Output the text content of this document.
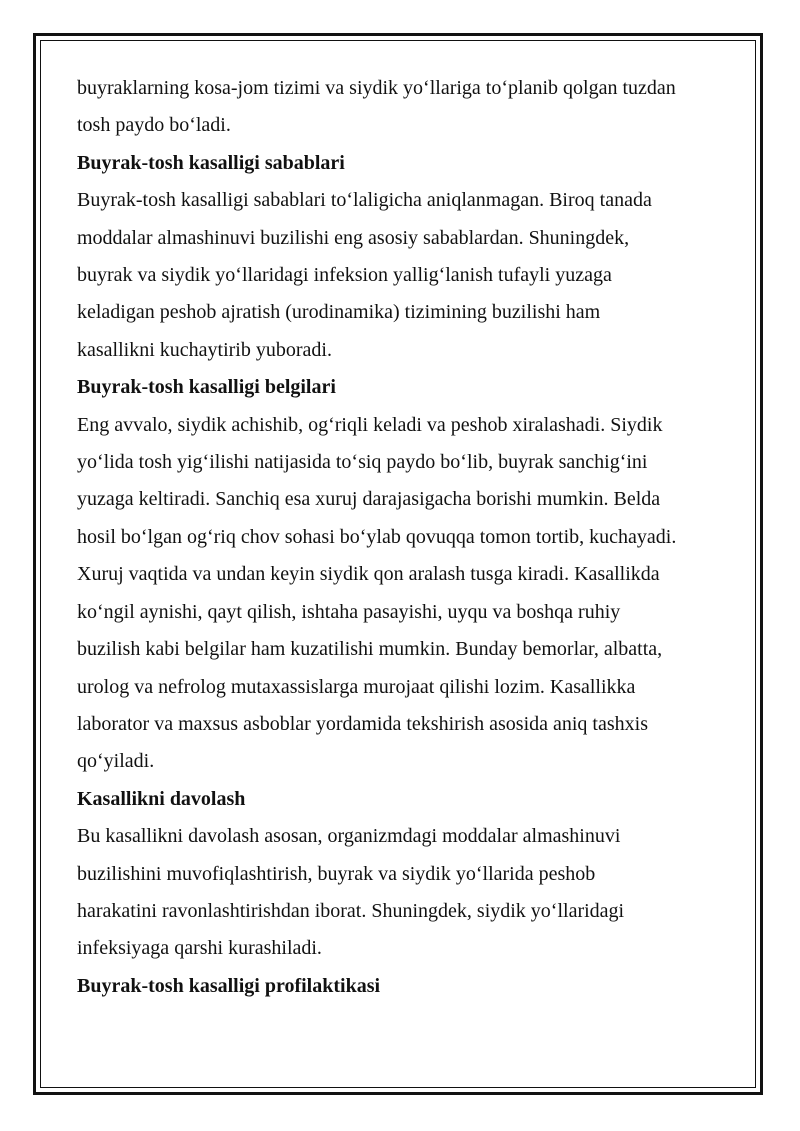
buyraklarning kosa-jom tizimi va siydik yo‘llariga to‘planib qolgan tuzdan

tosh paydo bo‘ladi.

Buyrak-tosh kasalligi sabablari

Buyrak-tosh kasalligi sabablari to‘laligicha aniqlanmagan. Biroq tanada

moddalar almashinuvi buzilishi eng asosiy sabablardan. Shuningdek,

buyrak va siydik yo‘llaridagi infeksion yallig‘lanish tufayli yuzaga

keladigan peshob ajratish (urodinamika) tizimining buzilishi ham

kasallikni kuchaytirib yuboradi.

Buyrak-tosh kasalligi belgilari

Eng avvalo, siydik achishib, og‘riqli keladi va peshob xiralashadi. Siydik

yo‘lida tosh yig‘ilishi natijasida to‘siq paydo bo‘lib, buyrak sanchig‘ini

yuzaga keltiradi. Sanchiq esa xuruj darajasigacha borishi mumkin. Belda

hosil bo‘lgan og‘riq chov sohasi bo‘ylab qovuqqa tomon tortib, kuchayadi.

Xuruj vaqtida va undan keyin siydik qon aralash tusga kiradi. Kasallikda

ko‘ngil aynishi, qayt qilish, ishtaha pasayishi, uyqu va boshqa ruhiy

buzilish kabi belgilar ham kuzatilishi mumkin. Bunday bemorlar, albatta,

urolog va nefrolog mutaxassislarga murojaat qilishi lozim. Kasallikka

laborator va maxsus asboblar yordamida tekshirish asosida aniq tashxis

qo‘yiladi.

Kasallikni davolash

Bu kasallikni davolash asosan, organizmdagi moddalar almashinuvi

buzilishini muvofiqlashtirish, buyrak va siydik yo‘llarida peshob

harakatini ravonlashtirishdan iborat. Shuningdek, siydik yo‘llaridagi

infeksiyaga qarshi kurashiladi.

Buyrak-tosh kasalligi profilaktikasi
